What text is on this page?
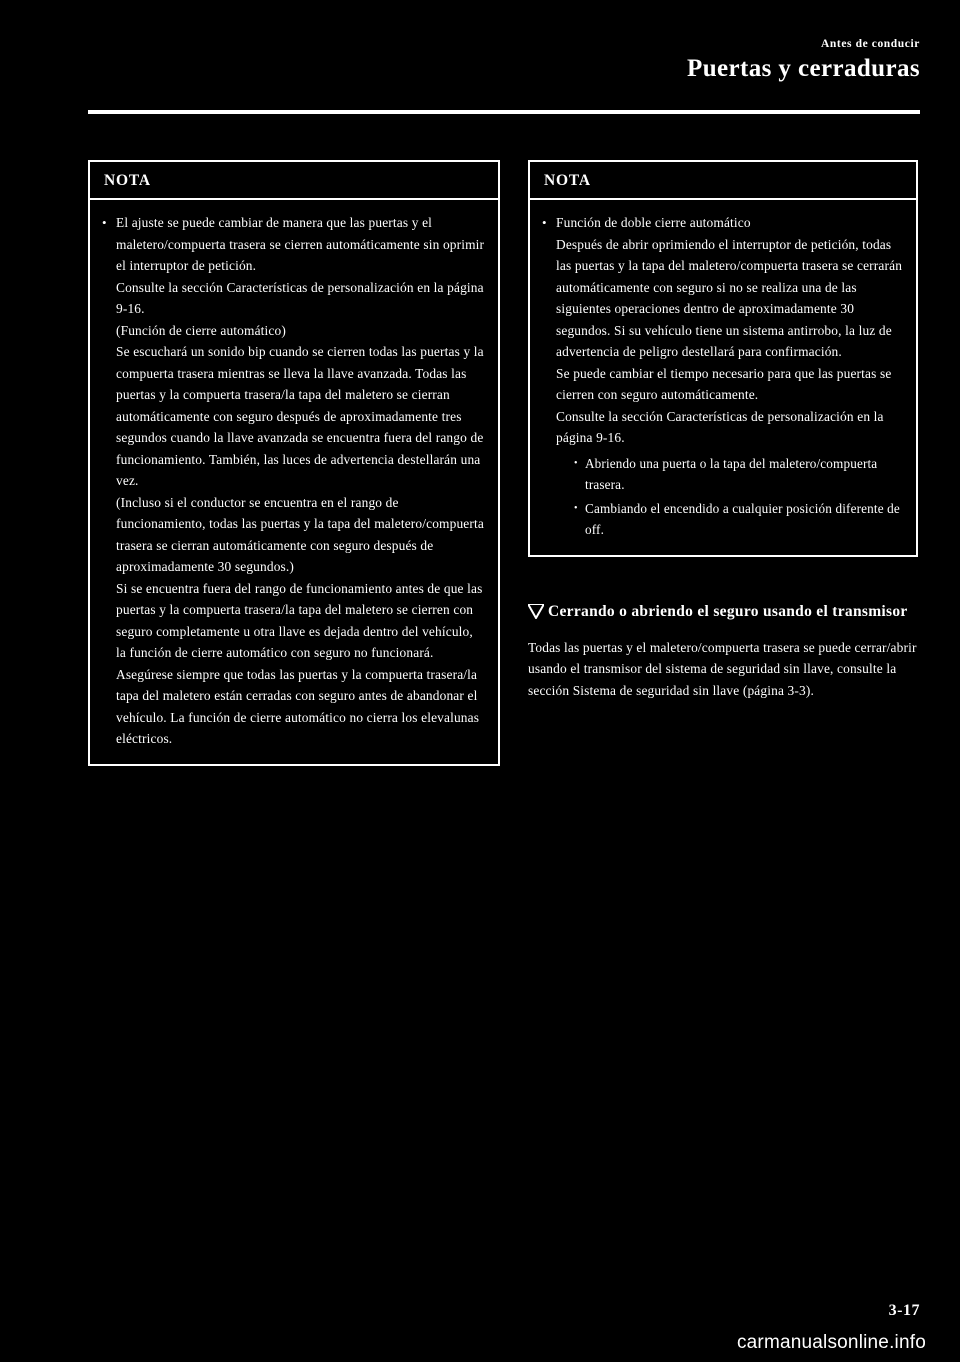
Antes de conducir
Puertas y cerraduras
NOTA
• El ajuste se puede cambiar de manera que las puertas y el maletero/compuerta trasera se cierren automáticamente sin oprimir el interruptor de petición.

Consulte la sección Características de personalización en la página 9-16.

(Función de cierre automático)

Se escuchará un sonido bip cuando se cierren todas las puertas y la compuerta trasera mientras se lleva la llave avanzada. Todas las puertas y la compuerta trasera/la tapa del maletero se cierran automáticamente con seguro después de aproximadamente tres segundos cuando la llave avanzada se encuentra fuera del rango de funcionamiento. También, las luces de advertencia destellarán una vez.

(Incluso si el conductor se encuentra en el rango de funcionamiento, todas las puertas y la tapa del maletero/compuerta trasera se cierran automáticamente con seguro después de aproximadamente 30 segundos.)

Si se encuentra fuera del rango de funcionamiento antes de que las puertas y la compuerta trasera/la tapa del maletero se cierren con seguro completamente u otra llave es dejada dentro del vehículo, la función de cierre automático con seguro no funcionará. Asegúrese siempre que todas las puertas y la compuerta trasera/la tapa del maletero están cerradas con seguro antes de abandonar el vehículo. La función de cierre automático no cierra los elevalunas eléctricos.

NOTA
• Función de doble cierre automático

Después de abrir oprimiendo el interruptor de petición, todas las puertas y la tapa del maletero/compuerta trasera se cerrarán automáticamente con seguro si no se realiza una de las siguientes operaciones dentro de aproximadamente 30 segundos. Si su vehículo tiene un sistema antirrobo, la luz de advertencia de peligro destellará para confirmación.

Se puede cambiar el tiempo necesario para que las puertas se cierren con seguro automáticamente.

Consulte la sección Características de personalización en la página 9-16.

• Abriendo una puerta o la tapa del maletero/compuerta trasera.
• Cambiando el encendido a cualquier posición diferente de off.
Cerrando o abriendo el seguro usando el transmisor
Todas las puertas y el maletero/compuerta trasera se puede cerrar/abrir usando el transmisor del sistema de seguridad sin llave, consulte la sección Sistema de seguridad sin llave (página 3-3).
3-17
carmanualsonline.info
